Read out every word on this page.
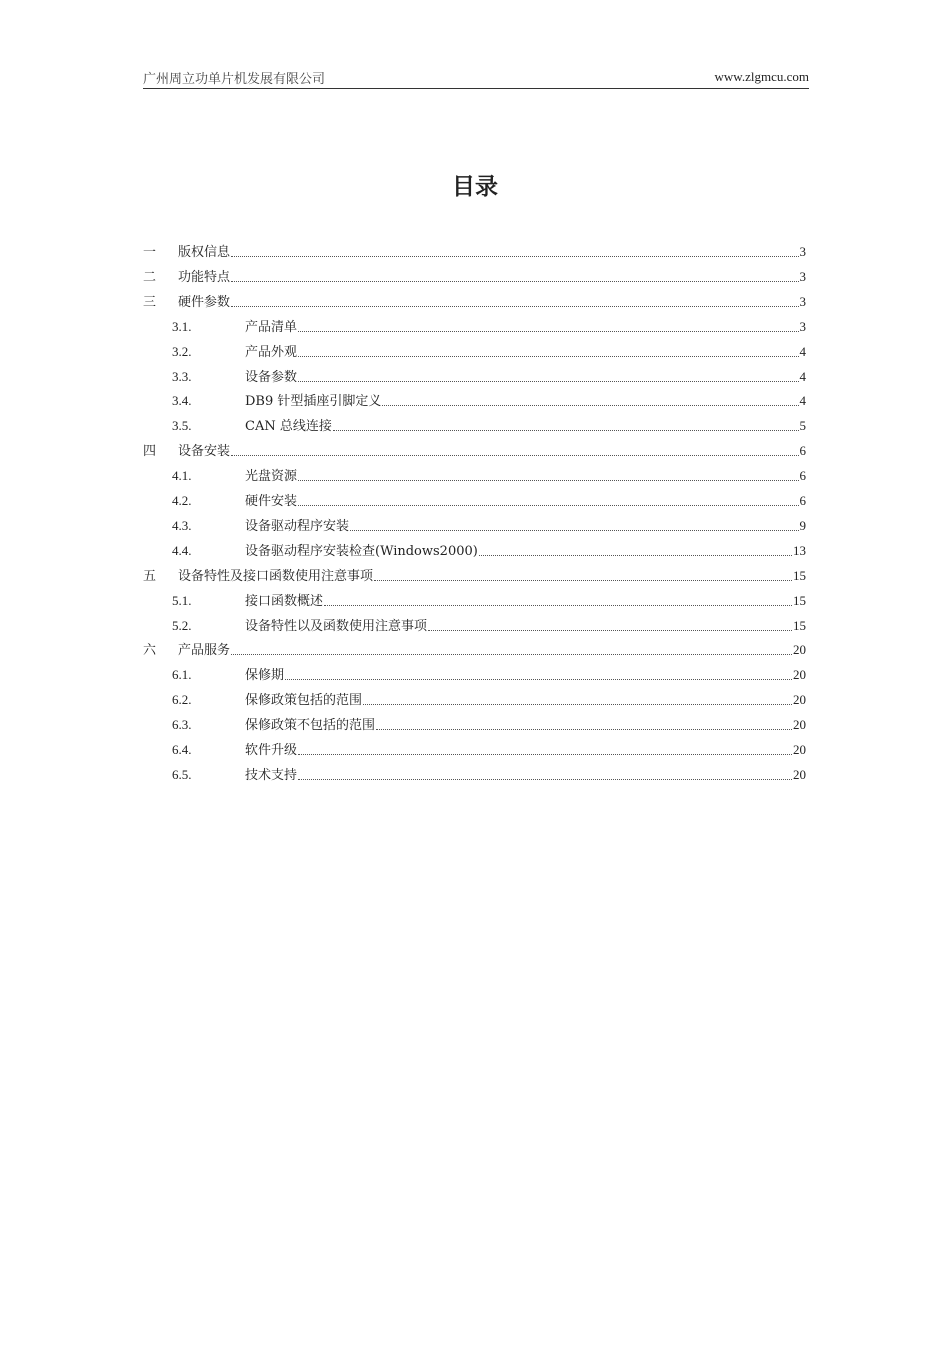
广州周立功单片机发展有限公司	www.zlgmcu.com
目录
一	版权信息	3
二	功能特点	3
三	硬件参数	3
3.1.	产品清单	3
3.2.	产品外观	4
3.3.	设备参数	4
3.4.	DB9 针型插座引脚定义	4
3.5.	CAN 总线连接	5
四	设备安装	6
4.1.	光盘资源	6
4.2.	硬件安装	6
4.3.	设备驱动程序安装	9
4.4.	设备驱动程序安装检查(Windows2000)	13
五	设备特性及接口函数使用注意事项	15
5.1.	接口函数概述	15
5.2.	设备特性以及函数使用注意事项	15
六	产品服务	20
6.1.	保修期	20
6.2.	保修政策包括的范围	20
6.3.	保修政策不包括的范围	20
6.4.	软件升级	20
6.5.	技术支持	20
